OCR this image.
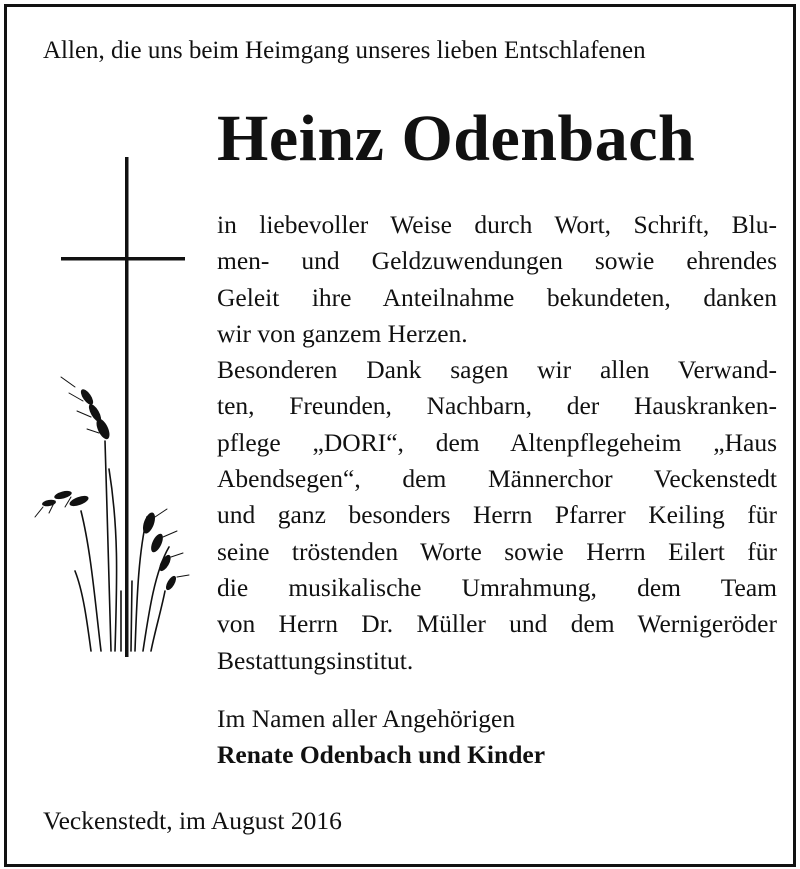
Allen, die uns beim Heimgang unseres lieben Entschlafenen
Heinz Odenbach
in liebevoller Weise durch Wort, Schrift, Blu-
men- und Geldzuwendungen sowie ehrendes
Geleit ihre Anteilnahme bekundeten, danken
wir von ganzem Herzen.
Besonderen Dank sagen wir allen Verwand-
ten, Freunden, Nachbarn, der Hauskranken-
pflege „DORI“, dem Altenpflegeheim „Haus
Abendsegen“, dem Männerchor Veckenstedt
und ganz besonders Herrn Pfarrer Keiling für
seine tröstenden Worte sowie Herrn Eilert für
die musikalische Umrahmung, dem Team
von Herrn Dr. Müller und dem Wernigeröder
Bestattungsinstitut.
Im Namen aller Angehörigen
Renate Odenbach und Kinder
Veckenstedt, im August 2016
